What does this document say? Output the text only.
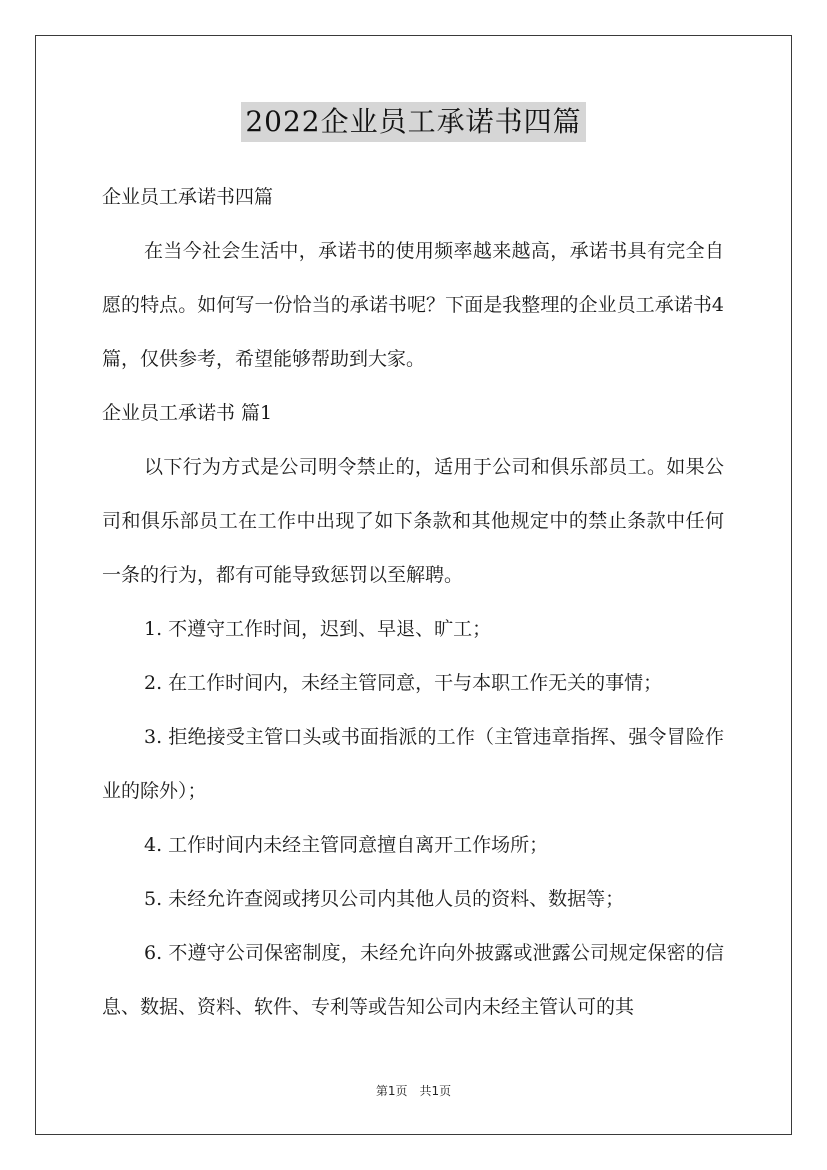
2022企业员工承诺书四篇

企业员工承诺书四篇

在当今社会生活中，承诺书的使用频率越来越高，承诺书具有完全自愿的特点。如何写一份恰当的承诺书呢？下面是我整理的企业员工承诺书4篇，仅供参考，希望能够帮助到大家。

企业员工承诺书 篇1

以下行为方式是公司明令禁止的，适用于公司和俱乐部员工。如果公司和俱乐部员工在工作中出现了如下条款和其他规定中的禁止条款中任何一条的行为，都有可能导致惩罚以至解聘。

1. 不遵守工作时间，迟到、早退、旷工；

2. 在工作时间内，未经主管同意，干与本职工作无关的事情；

3. 拒绝接受主管口头或书面指派的工作（主管违章指挥、强令冒险作业的除外）；

4. 工作时间内未经主管同意擅自离开工作场所；

5. 未经允许查阅或拷贝公司内其他人员的资料、数据等；

6. 不遵守公司保密制度，未经允许向外披露或泄露公司规定保密的信息、数据、资料、软件、专利等或告知公司内未经主管认可的其

第1页　共1页
